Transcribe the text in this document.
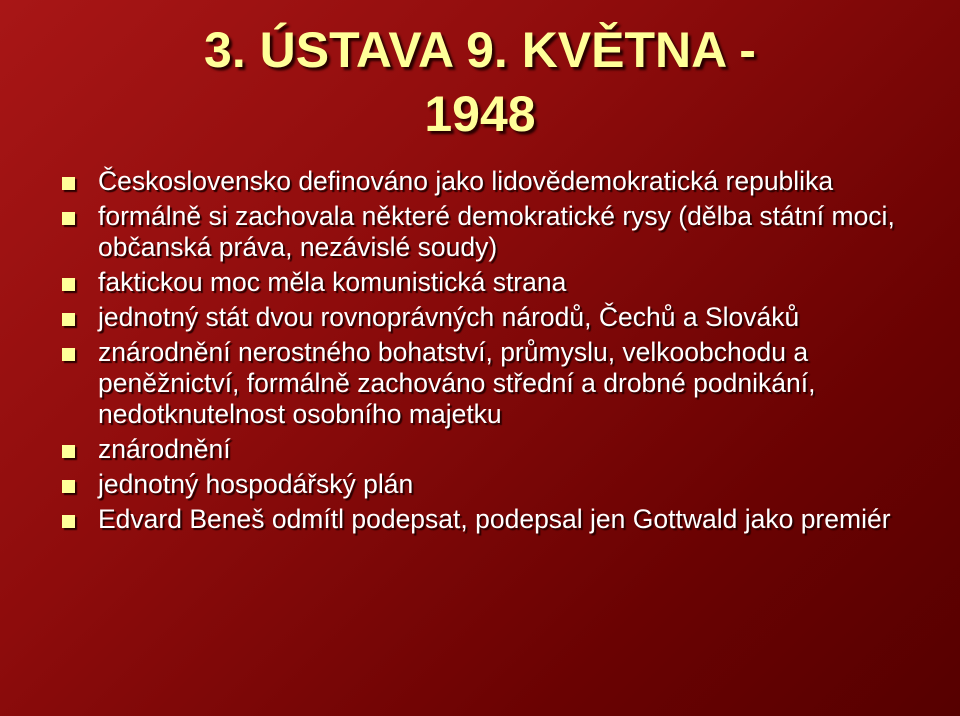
3. ÚSTAVA 9. KVĚTNA -
1948
Československo definováno jako lidovědemokratická republika
formálně si zachovala některé demokratické rysy (dělba státní moci, občanská práva, nezávislé soudy)
faktickou moc měla komunistická strana
jednotný stát dvou rovnoprávných národů, Čechů a Slováků
znárodnění nerostného bohatství, průmyslu, velkoobchodu a peněžnictví, formálně zachováno střední a drobné podnikání, nedotknutelnost osobního majetku
znárodnění
jednotný hospodářský plán
Edvard Beneš odmítl podepsat, podepsal jen Gottwald jako premiér
